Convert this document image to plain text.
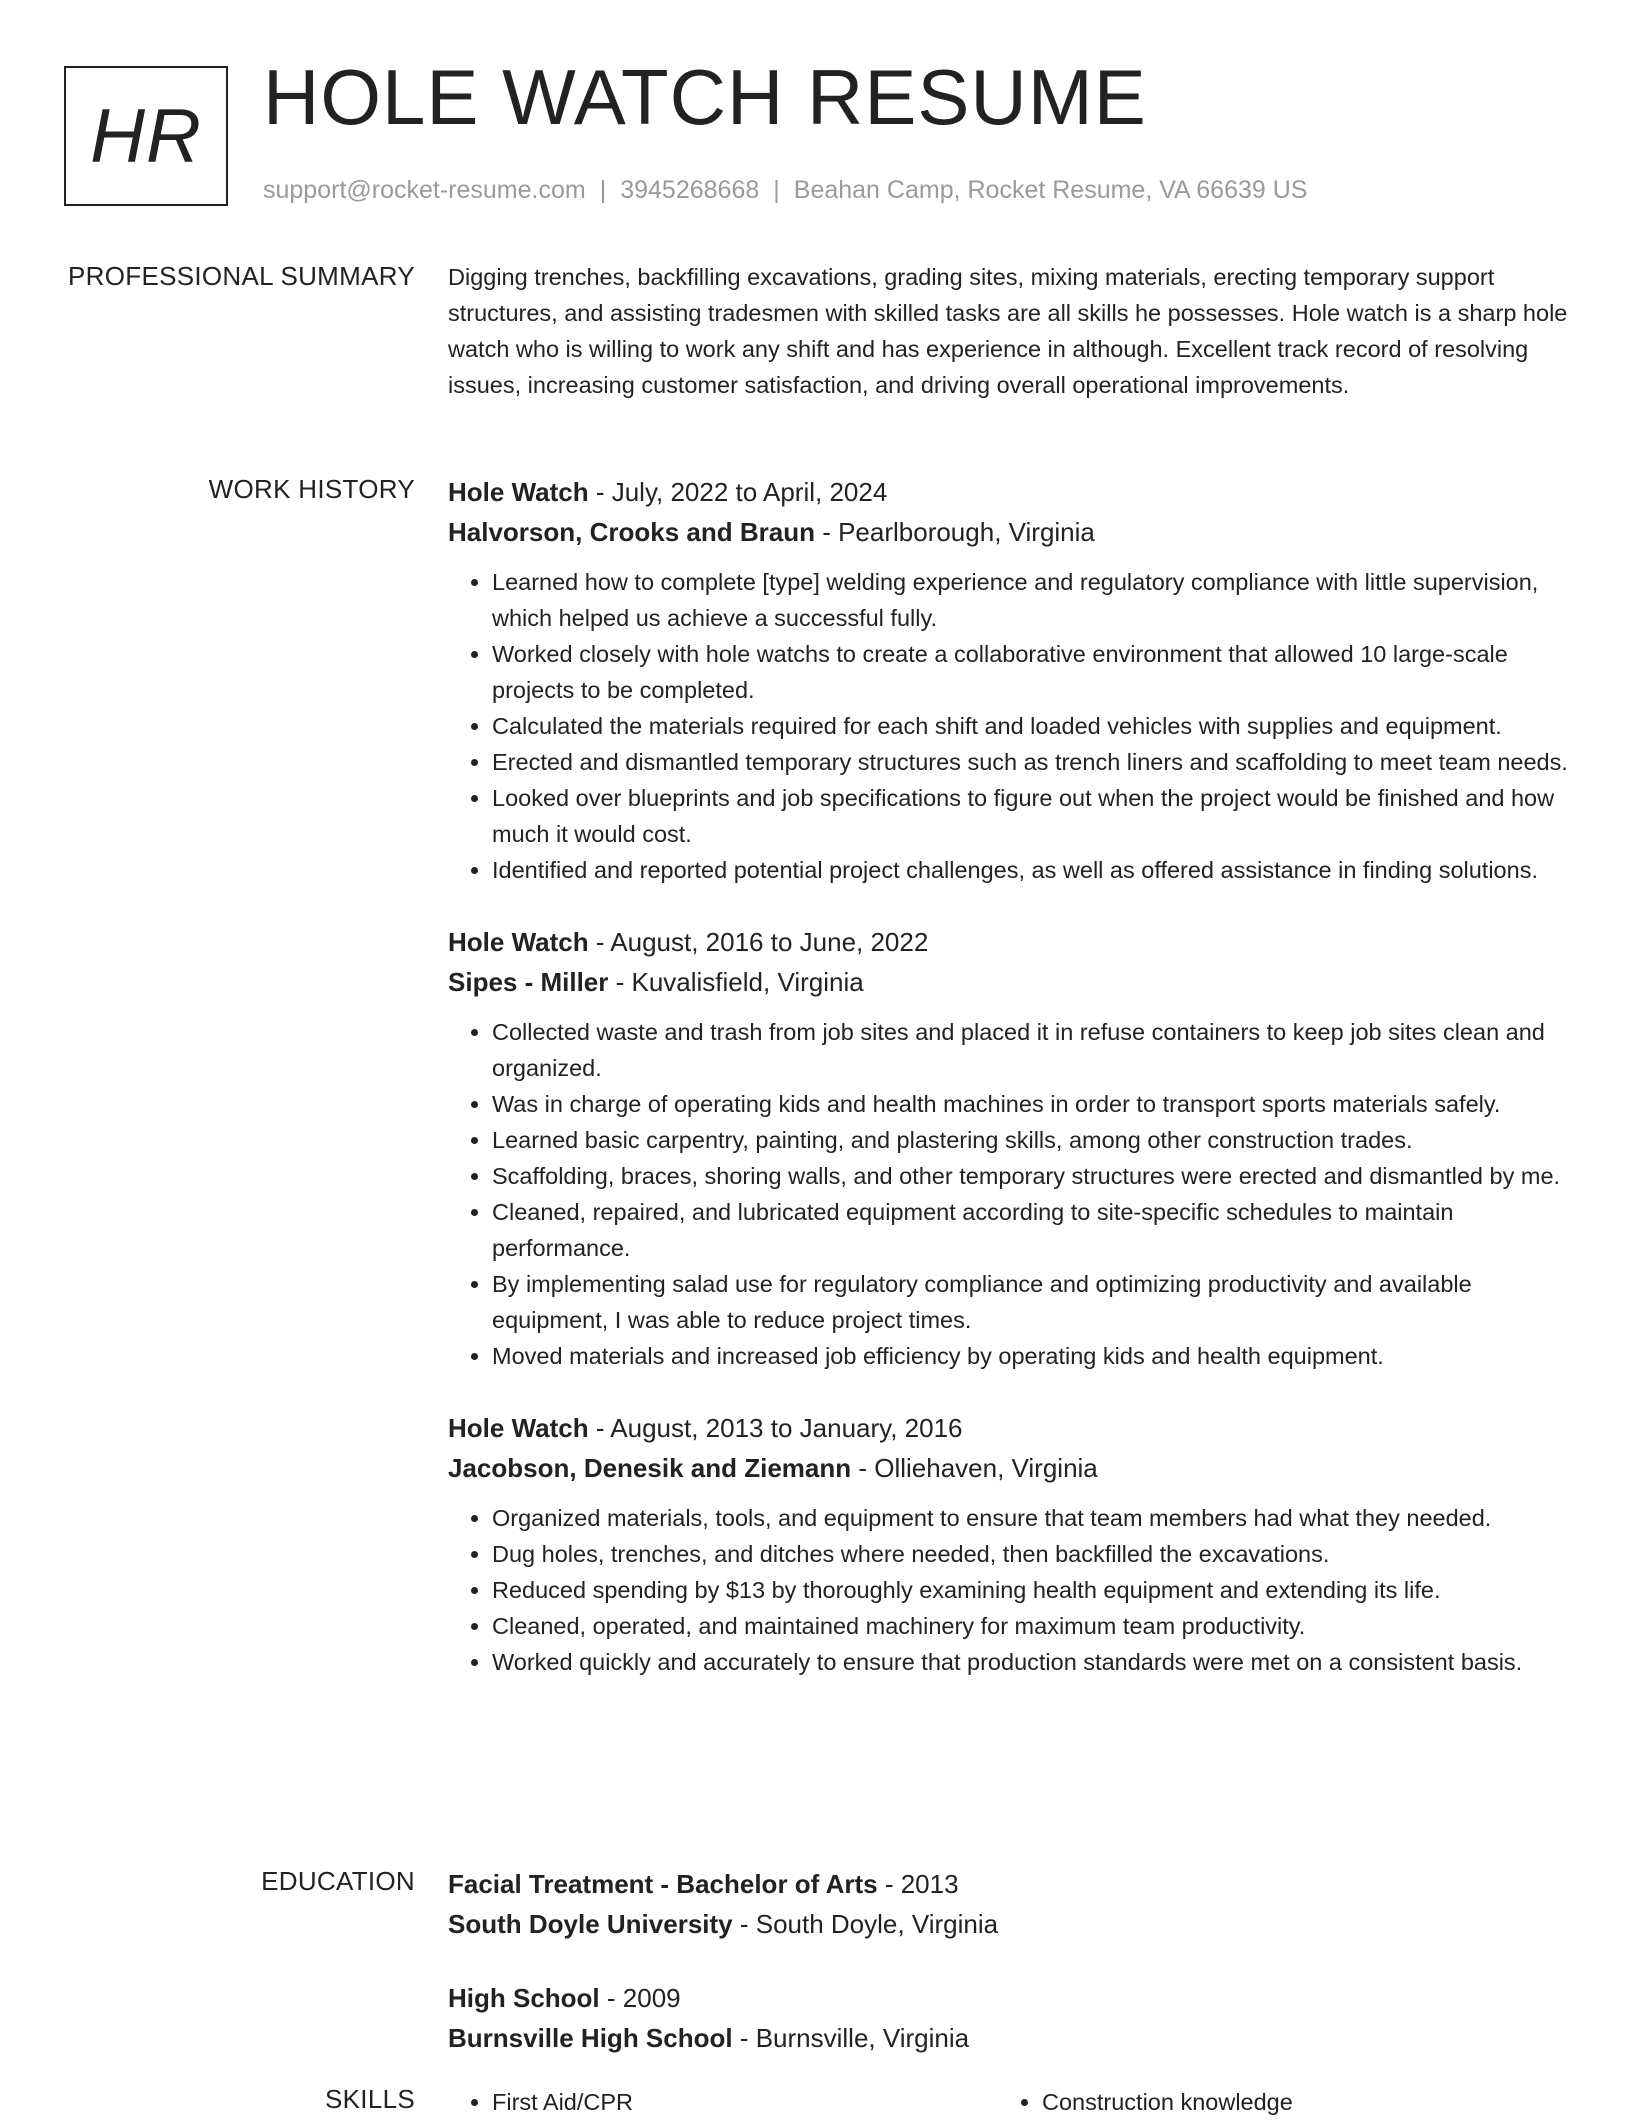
HR HOLE WATCH RESUME
support@rocket-resume.com | 3945268668 | Beahan Camp, Rocket Resume, VA 66639 US
PROFESSIONAL SUMMARY Digging trenches, backfilling excavations, grading sites, mixing materials, erecting temporary support structures, and assisting tradesmen with skilled tasks are all skills he possesses. Hole watch is a sharp hole watch who is willing to work any shift and has experience in although. Excellent track record of resolving issues, increasing customer satisfaction, and driving overall operational improvements.

WORK HISTORY Hole Watch - July, 2022 to April, 2024
Halvorson, Crooks and Braun - Pearlborough, Virginia
• Learned how to complete [type] welding experience and regulatory compliance with little supervision, which helped us achieve a successful fully.
• Worked closely with hole watchs to create a collaborative environment that allowed 10 large-scale projects to be completed.
• Calculated the materials required for each shift and loaded vehicles with supplies and equipment.
• Erected and dismantled temporary structures such as trench liners and scaffolding to meet team needs.
• Looked over blueprints and job specifications to figure out when the project would be finished and how much it would cost.
• Identified and reported potential project challenges, as well as offered assistance in finding solutions.
Hole Watch - August, 2016 to June, 2022
Sipes - Miller - Kuvalisfield, Virginia
• Collected waste and trash from job sites and placed it in refuse containers to keep job sites clean and organized.
• Was in charge of operating kids and health machines in order to transport sports materials safely.
• Learned basic carpentry, painting, and plastering skills, among other construction trades.
• Scaffolding, braces, shoring walls, and other temporary structures were erected and dismantled by me.
• Cleaned, repaired, and lubricated equipment according to site-specific schedules to maintain performance.
• By implementing salad use for regulatory compliance and optimizing productivity and available equipment, I was able to reduce project times.
• Moved materials and increased job efficiency by operating kids and health equipment.
Hole Watch - August, 2013 to January, 2016
Jacobson, Denesik and Ziemann - Olliehaven, Virginia
• Organized materials, tools, and equipment to ensure that team members had what they needed.
• Dug holes, trenches, and ditches where needed, then backfilled the excavations.
• Reduced spending by $13 by thoroughly examining health equipment and extending its life.
• Cleaned, operated, and maintained machinery for maximum team productivity.
• Worked quickly and accurately to ensure that production standards were met on a consistent basis.
EDUCATION Facial Treatment - Bachelor of Arts - 2013
South Doyle University - South Doyle, Virginia
High School - 2009
Burnsville High School - Burnsville, Virginia
SKILLS	• First Aid/CPR	• Construction knowledge
